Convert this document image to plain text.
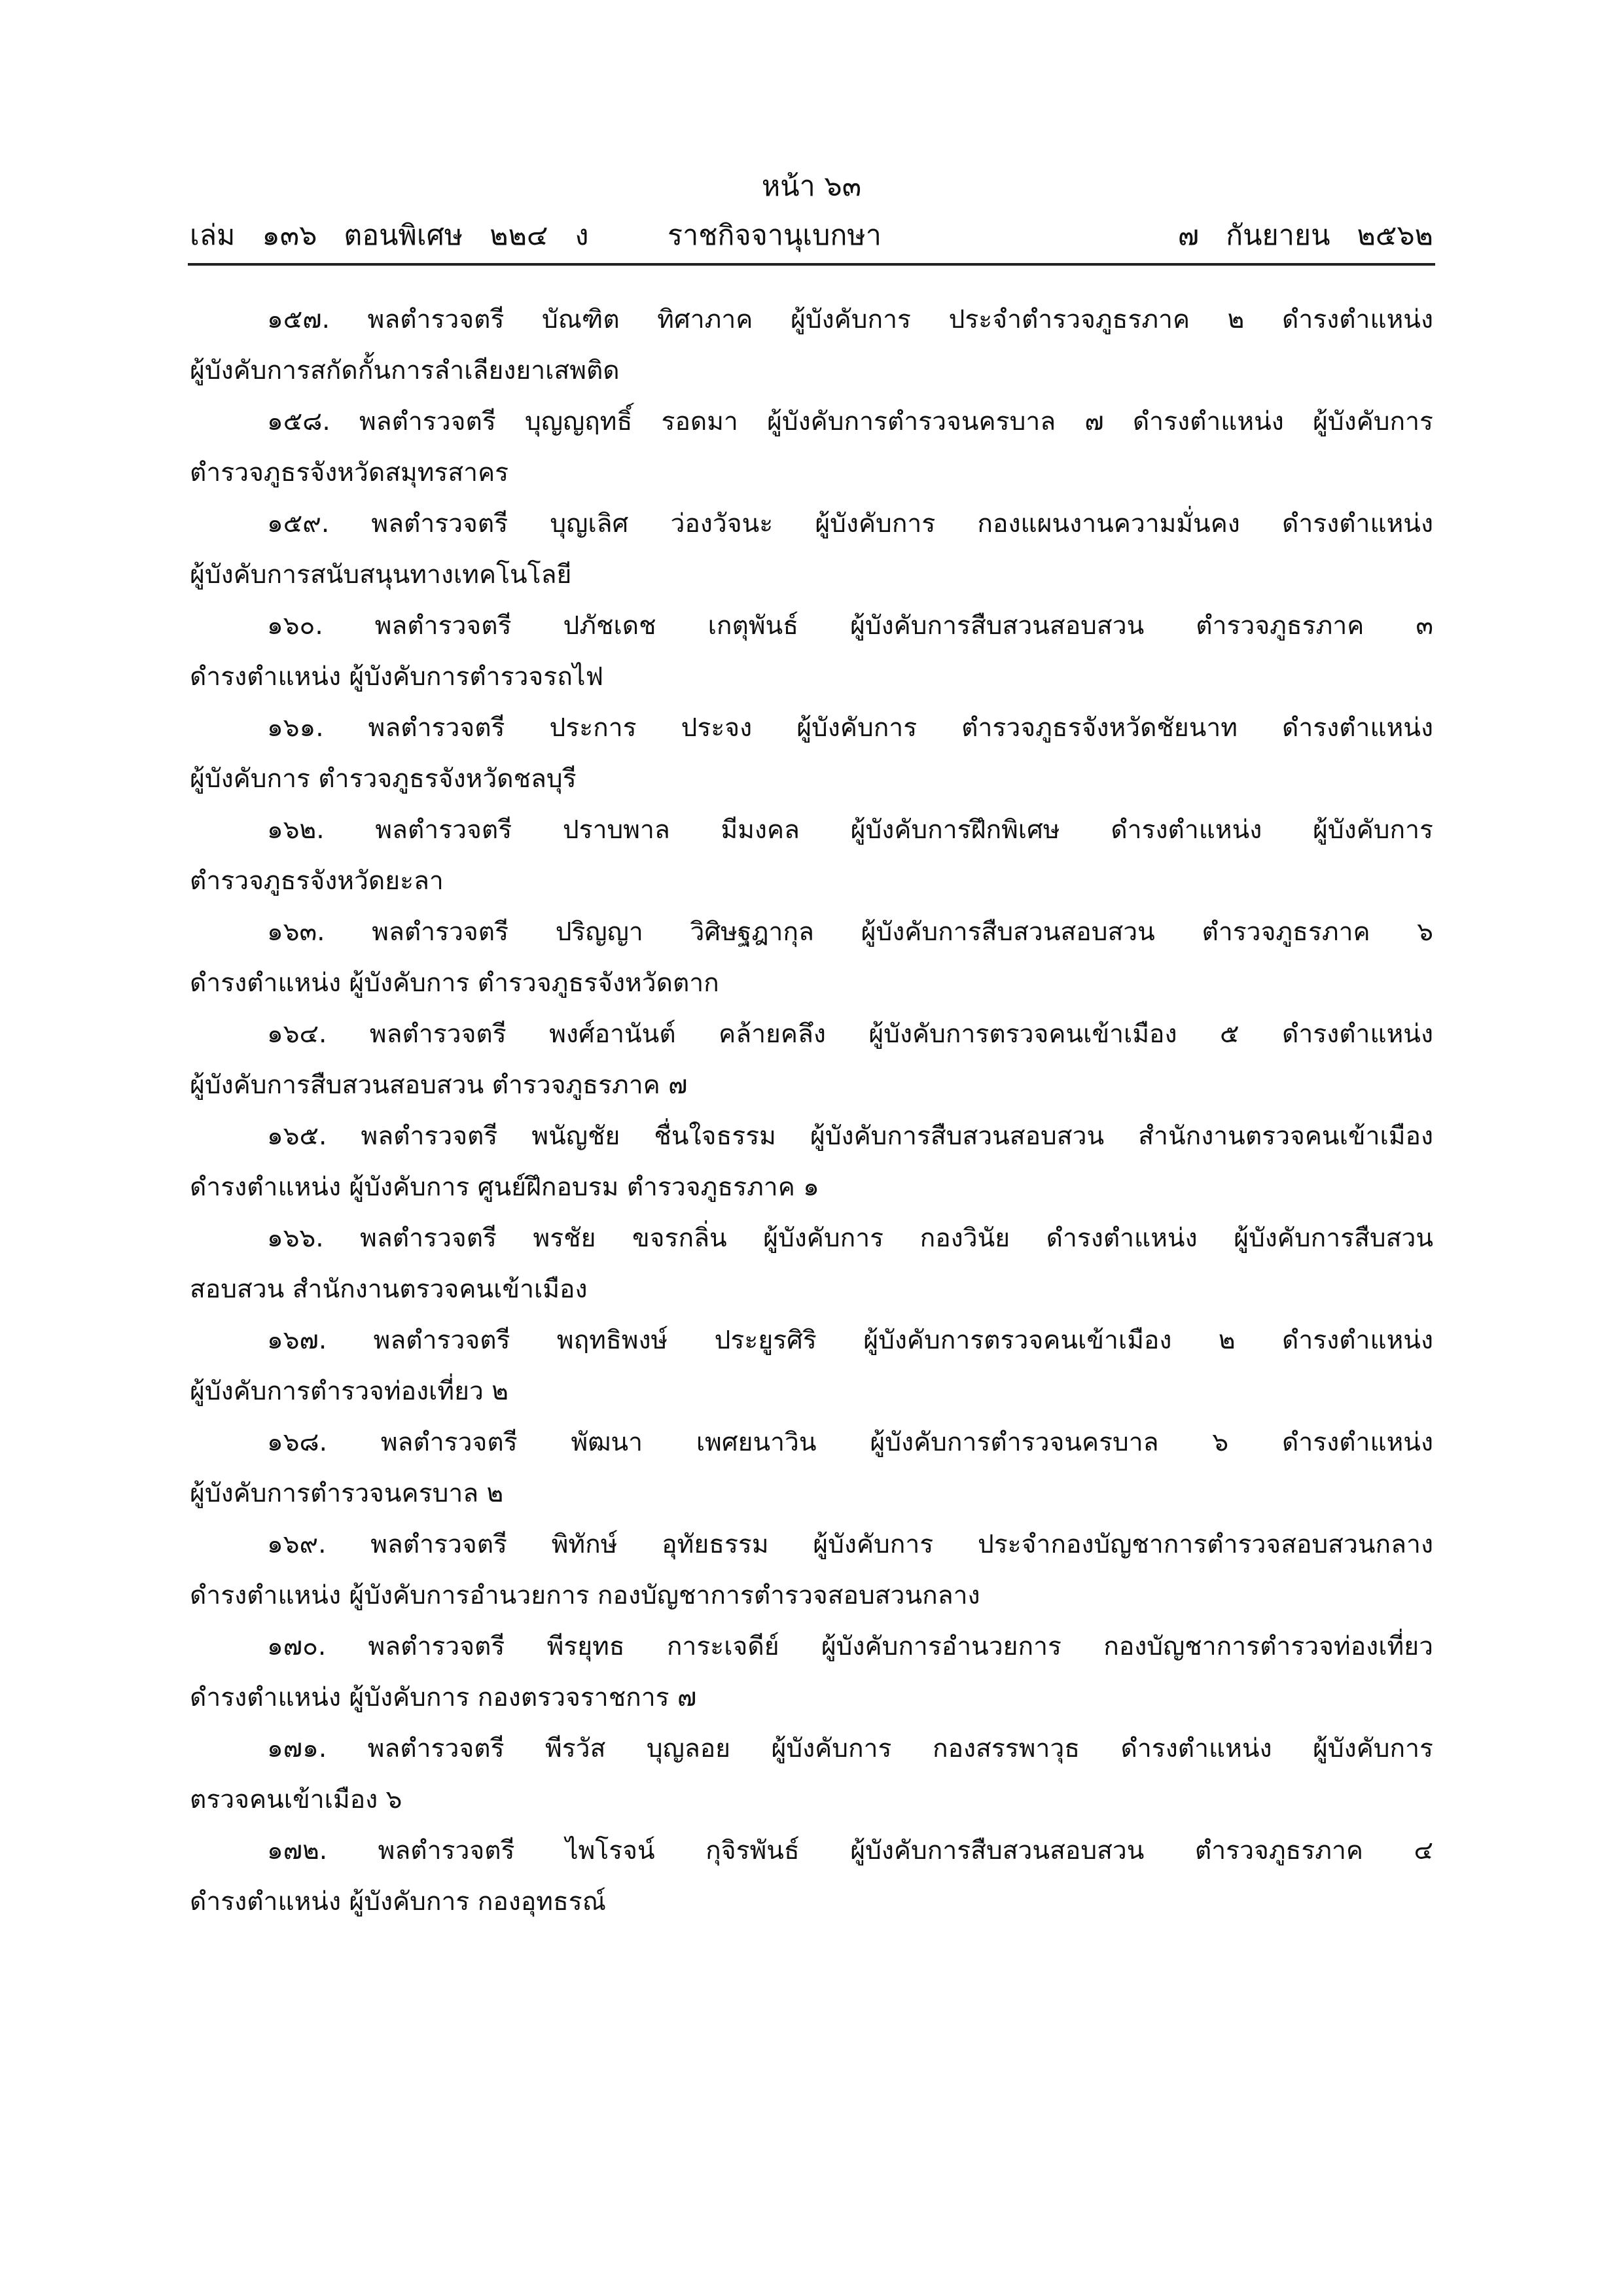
หน้า ๖๓
เล่ม   ๑๓๖   ตอนพิเศษ   ๒๒๔   ง	ราชกิจจานุเบกษา	๗   กันยายน   ๒๕๖๒
๑๕๗. พลตำรวจตรี บัณฑิต ทิศาภาค ผู้บังคับการ ประจำตำรวจภูธรภาค ๒ ดำรงตำแหน่ง
ผู้บังคับการสกัดกั้นการลำเลียงยาเสพติด
๑๕๘. พลตำรวจตรี บุญญฤทธิ์ รอดมา ผู้บังคับการตำรวจนครบาล ๗ ดำรงตำแหน่ง ผู้บังคับการ
ตำรวจภูธรจังหวัดสมุทรสาคร
๑๕๙. พลตำรวจตรี บุญเลิศ ว่องวัจนะ ผู้บังคับการ กองแผนงานความมั่นคง ดำรงตำแหน่ง
ผู้บังคับการสนับสนุนทางเทคโนโลยี
๑๖๐. พลตำรวจตรี ปภัชเดช เกตุพันธ์ ผู้บังคับการสืบสวนสอบสวน ตำรวจภูธรภาค ๓
ดำรงตำแหน่ง ผู้บังคับการตำรวจรถไฟ
๑๖๑. พลตำรวจตรี ประการ ประจง ผู้บังคับการ ตำรวจภูธรจังหวัดชัยนาท ดำรงตำแหน่ง
ผู้บังคับการ ตำรวจภูธรจังหวัดชลบุรี
๑๖๒. พลตำรวจตรี ปราบพาล มีมงคล ผู้บังคับการฝึกพิเศษ ดำรงตำแหน่ง ผู้บังคับการ
ตำรวจภูธรจังหวัดยะลา
๑๖๓. พลตำรวจตรี ปริญญา วิศิษฐฎากุล ผู้บังคับการสืบสวนสอบสวน ตำรวจภูธรภาค ๖
ดำรงตำแหน่ง ผู้บังคับการ ตำรวจภูธรจังหวัดตาก
๑๖๔. พลตำรวจตรี พงศ์อานันต์ คล้ายคลึง ผู้บังคับการตรวจคนเข้าเมือง ๕ ดำรงตำแหน่ง
ผู้บังคับการสืบสวนสอบสวน ตำรวจภูธรภาค ๗
๑๖๕. พลตำรวจตรี พนัญชัย ชื่นใจธรรม ผู้บังคับการสืบสวนสอบสวน สำนักงานตรวจคนเข้าเมือง
ดำรงตำแหน่ง ผู้บังคับการ ศูนย์ฝึกอบรม ตำรวจภูธรภาค ๑
๑๖๖. พลตำรวจตรี พรชัย ขจรกลิ่น ผู้บังคับการ กองวินัย ดำรงตำแหน่ง ผู้บังคับการสืบสวน
สอบสวน สำนักงานตรวจคนเข้าเมือง
๑๖๗. พลตำรวจตรี พฤทธิพงษ์ ประยูรศิริ ผู้บังคับการตรวจคนเข้าเมือง ๒ ดำรงตำแหน่ง
ผู้บังคับการตำรวจท่องเที่ยว ๒
๑๖๘. พลตำรวจตรี พัฒนา เพศยนาวิน ผู้บังคับการตำรวจนครบาล ๖ ดำรงตำแหน่ง
ผู้บังคับการตำรวจนครบาล ๒
๑๖๙. พลตำรวจตรี พิทักษ์ อุทัยธรรม ผู้บังคับการ ประจำกองบัญชาการตำรวจสอบสวนกลาง
ดำรงตำแหน่ง ผู้บังคับการอำนวยการ กองบัญชาการตำรวจสอบสวนกลาง
๑๗๐. พลตำรวจตรี พีรยุทธ การะเจดีย์ ผู้บังคับการอำนวยการ กองบัญชาการตำรวจท่องเที่ยว
ดำรงตำแหน่ง ผู้บังคับการ กองตรวจราชการ ๗
๑๗๑. พลตำรวจตรี พีรวัส บุญลอย ผู้บังคับการ กองสรรพาวุธ ดำรงตำแหน่ง ผู้บังคับการ
ตรวจคนเข้าเมือง ๖
๑๗๒. พลตำรวจตรี ไพโรจน์ กุจิรพันธ์ ผู้บังคับการสืบสวนสอบสวน ตำรวจภูธรภาค ๔
ดำรงตำแหน่ง ผู้บังคับการ กองอุทธรณ์
